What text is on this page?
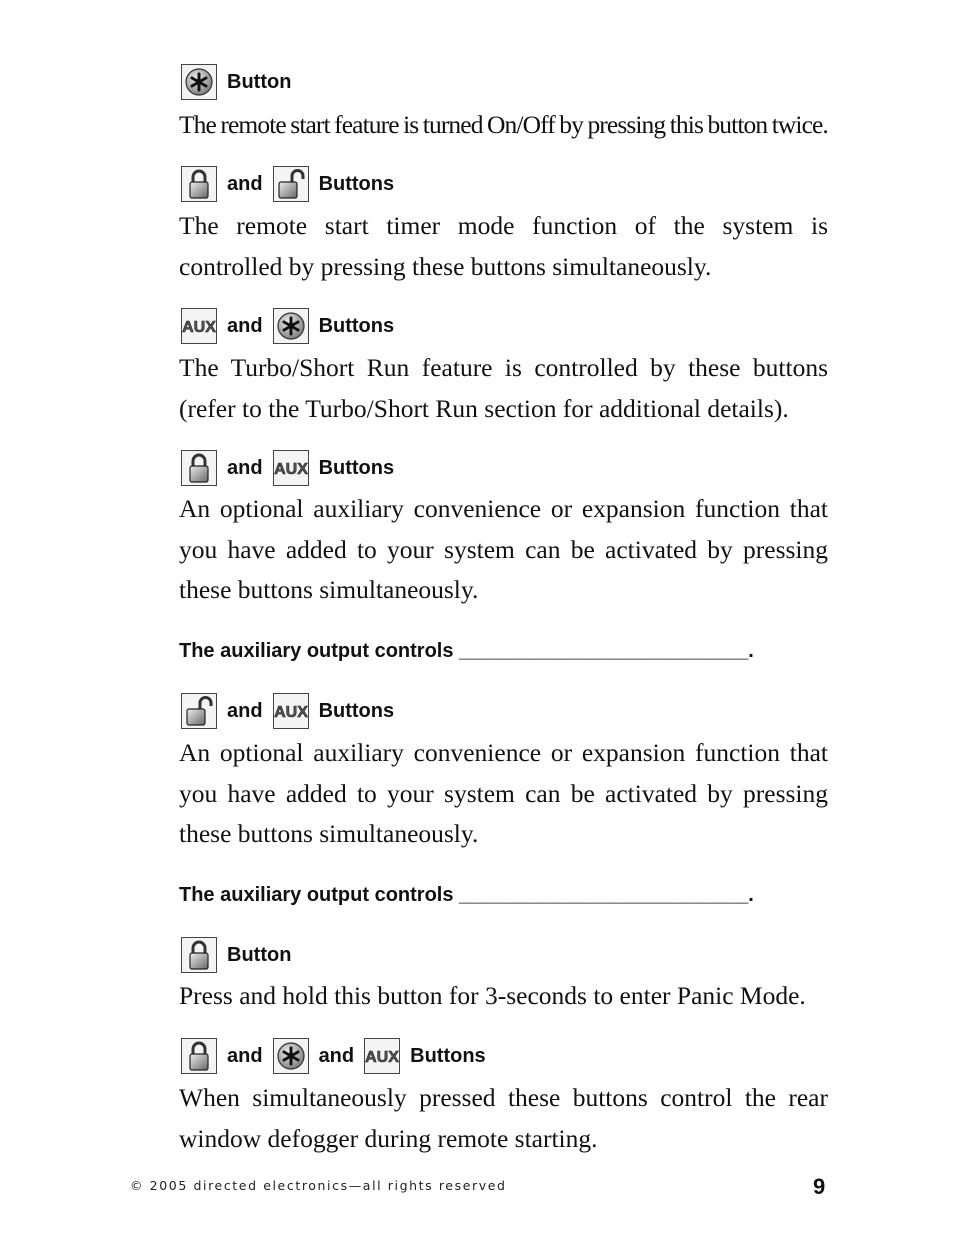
Button

The remote start feature is turned On/Off by pressing this button twice.

and	Buttons

The remote start timer mode function of the system is controlled by pressing these buttons simultaneously.

AUX and	Buttons

The Turbo/Short Run feature is controlled by these buttons (refer to the Turbo/Short Run section for additional details).

and AUX Buttons

An optional auxiliary convenience or expansion function that you have added to your system can be activated by pressing these buttons simultaneously.

The auxiliary output controls __________________________.
and AUX Buttons

An optional auxiliary convenience or expansion function that you have added to your system can be activated by pressing these buttons simultaneously.

The auxiliary output controls __________________________.
Button

Press and hold this button for 3-seconds to enter Panic Mode.

and	and AUX Buttons

When simultaneously pressed these buttons control the rear window defogger during remote starting.

© 2005 directed electronics—all rights reserved	9
